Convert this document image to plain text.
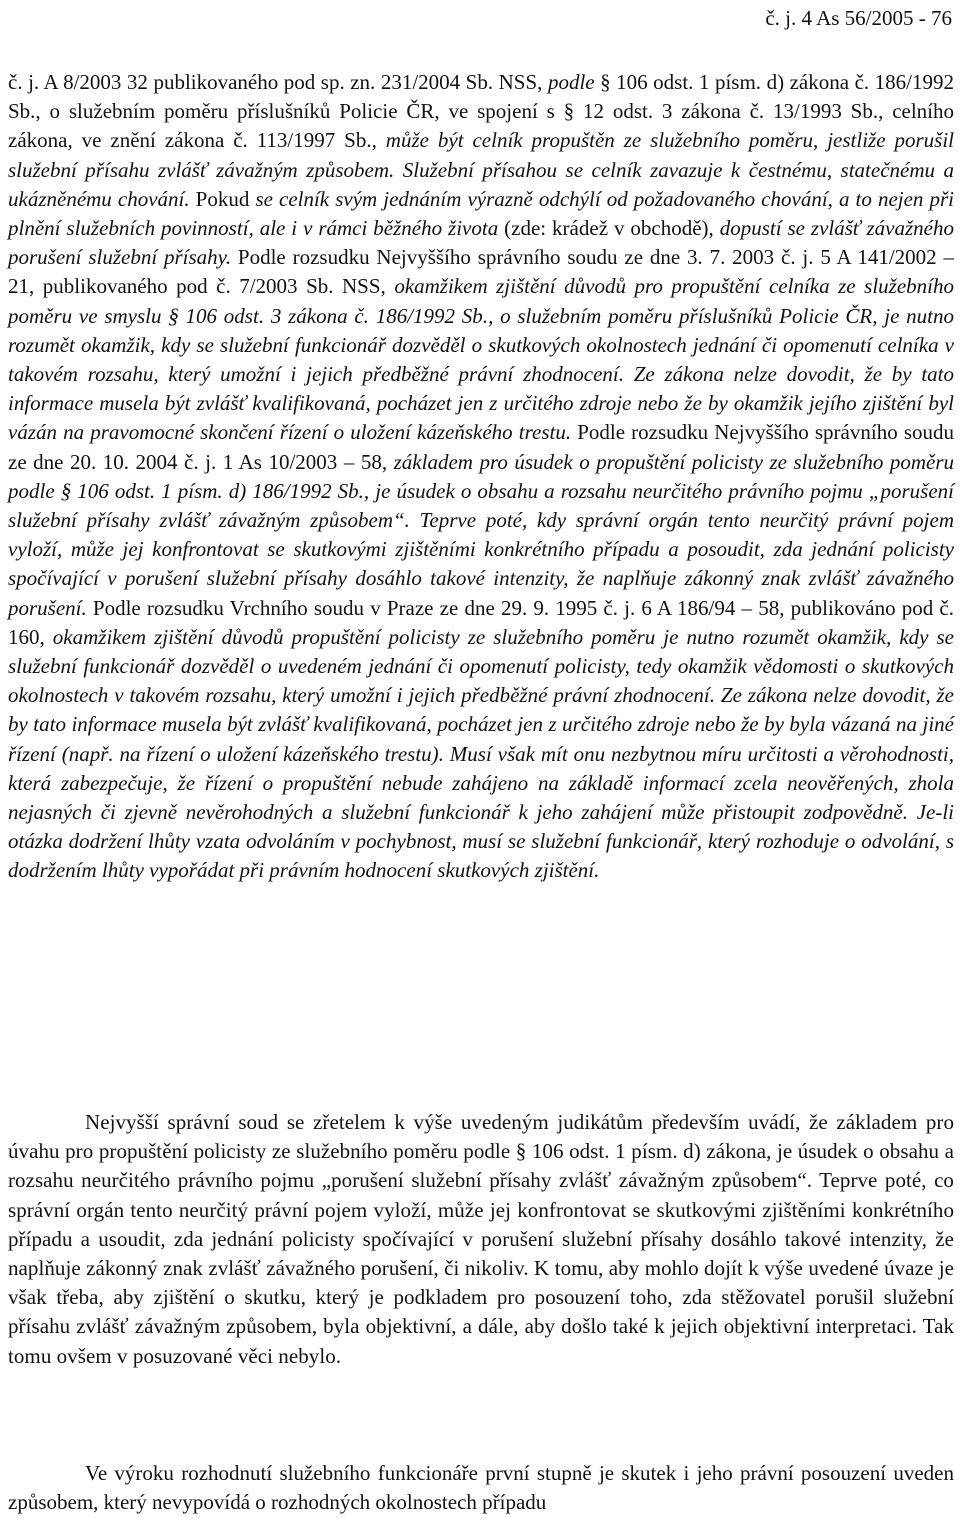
č. j. 4 As 56/2005 - 76
č. j. A 8/2003 32 publikovaného pod sp. zn. 231/2004 Sb. NSS, podle § 106 odst. 1 písm. d) zákona č. 186/1992 Sb., o služebním poměru příslušníků Policie ČR, ve spojení s § 12 odst. 3 zákona č. 13/1993 Sb., celního zákona, ve znění zákona č. 113/1997 Sb., může být celník propuštěn ze služebního poměru, jestliže porušil služební přísahu zvlášť závažným způsobem. Služební přísahou se celník zavazuje k čestnému, statečnému a ukázněnému chování. Pokud se celník svým jednáním výrazně odchýlí od požadovaného chování, a to nejen při plnění služebních povinností, ale i v rámci běžného života (zde: krádež v obchodě), dopustí se zvlášť závažného porušení služební přísahy. Podle rozsudku Nejvyššího správního soudu ze dne 3. 7. 2003 č. j. 5 A 141/2002 – 21, publikovaného pod č. 7/2003 Sb. NSS, okamžikem zjištění důvodů pro propuštění celníka ze služebního poměru ve smyslu § 106 odst. 3 zákona č. 186/1992 Sb., o služebním poměru příslušníků Policie ČR, je nutno rozumět okamžik, kdy se služební funkcionář dozvěděl o skutkových okolnostech jednání či opomenutí celníka v takovém rozsahu, který umožní i jejich předběžné právní zhodnocení. Ze zákona nelze dovodit, že by tato informace musela být zvlášť kvalifikovaná, pocházet jen z určitého zdroje nebo že by okamžik jejího zjištění byl vázán na pravomocné skončení řízení o uložení kázeňského trestu. Podle rozsudku Nejvyššího správního soudu ze dne 20. 10. 2004 č. j. 1 As 10/2003 – 58, základem pro úsudek o propuštění policisty ze služebního poměru podle § 106 odst. 1 písm. d) 186/1992 Sb., je úsudek o obsahu a rozsahu neurčitého právního pojmu „porušení služební přísahy zvlášť závažným způsobem“. Teprve poté, kdy správní orgán tento neurčitý právní pojem vyloží, může jej konfrontovat se skutkovými zjištěními konkrétního případu a posoudit, zda jednání policisty spočívající v porušení služební přísahy dosáhlo takové intenzity, že naplňuje zákonný znak zvlášť závažného porušení. Podle rozsudku Vrchního soudu v Praze ze dne 29. 9. 1995 č. j. 6 A 186/94 – 58, publikováno pod č. 160, okamžikem zjištění důvodů propuštění policisty ze služebního poměru je nutno rozumět okamžik, kdy se služební funkcionář dozvěděl o uvedeném jednání či opomenutí policisty, tedy okamžik vědomosti o skutkových okolnostech v takovém rozsahu, který umožní i jejich předběžné právní zhodnocení. Ze zákona nelze dovodit, že by tato informace musela být zvlášť kvalifikovaná, pocházet jen z určitého zdroje nebo že by byla vázaná na jiné řízení (např. na řízení o uložení kázeňského trestu). Musí však mít onu nezbytnou míru určitosti a věrohodnosti, která zabezpečuje, že řízení o propuštění nebude zahájeno na základě informací zcela neověřených, zhola nejasných či zjevně nevěrohodných a služební funkcionář k jeho zahájení může přistoupit zodpovědně. Je-li otázka dodržení lhůty vzata odvoláním v pochybnost, musí se služební funkcionář, který rozhoduje o odvolání, s dodržením lhůty vypořádat při právním hodnocení skutkových zjištění.
Nejvyšší správní soud se zřetelem k výše uvedeným judikátům především uvádí, že základem pro úvahu pro propuštění policisty ze služebního poměru podle § 106 odst. 1 písm. d) zákona, je úsudek o obsahu a rozsahu neurčitého právního pojmu „porušení služební přísahy zvlášť závažným způsobem“. Teprve poté, co správní orgán tento neurčitý právní pojem vyloží, může jej konfrontovat se skutkovými zjištěními konkrétního případu a usoudit, zda jednání policisty spočívající v porušení služební přísahy dosáhlo takové intenzity, že naplňuje zákonný znak zvlášť závažného porušení, či nikoliv. K tomu, aby mohlo dojít k výše uvedené úvaze je však třeba, aby zjištění o skutku, který je podkladem pro posouzení toho, zda stěžovatel porušil služební přísahu zvlášť závažným způsobem, byla objektivní, a dále, aby došlo také k jejich objektivní interpretaci. Tak tomu ovšem v posuzované věci nebylo.
Ve výroku rozhodnutí služebního funkcionáře první stupně je skutek i jeho právní posouzení uveden způsobem, který nevypovídá o rozhodných okolnostech případu
